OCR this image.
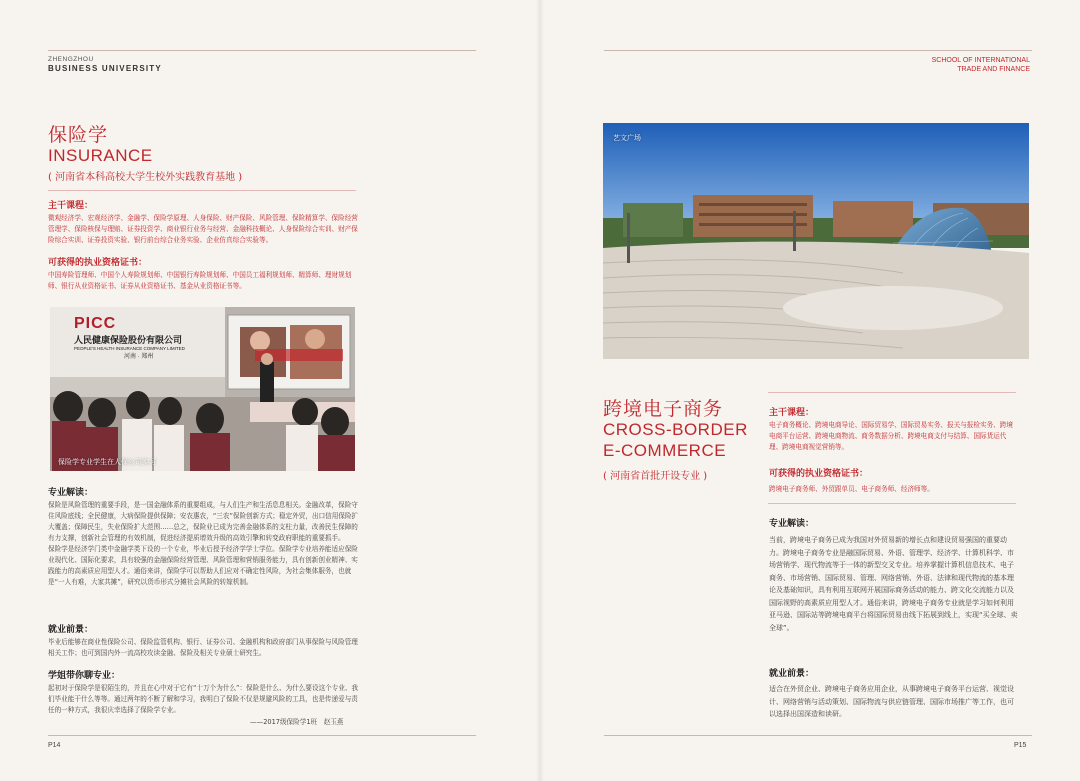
ZHENGZHOU
BUSINESS UNIVERSITY
保险学
INSURANCE
( 河南省本科高校大学生校外实践教育基地 )
主干课程：
微观经济学、宏观经济学、金融学、保险学原理、人身保险、财产保险、风险管理、保险精算学、保险经营管理学、保险核保与理赔、证券投资学、商业银行业务与经营、金融科技概论、人身保险综合实训、财产保险综合实训、证券投资实验、银行前台综合业务实验、企业仿真综合实验等。
可获得的执业资格证书：
中国寿险管理师、中国个人寿险规划师、中国银行寿险规划师、中国员工福利规划师、精算师、理财规划师、银行从业资格证书、证券从业资格证书、基金从业资格证书等。
PICC
人民健康保险股份有限公司
PEOPLE'S HEALTH INSURANCE COMPANY LIMITED
河南 · 郑州
保险学专业学生在人保公司实习
专业解读：

保险是风险管理的重要手段，是一国金融体系的重要组成，与人们生产和生活息息相关。金融改革，保险守住风险底线；全民健康，大病保险提供保障；安农惠农，“三农”保险创新方式；稳定外贸，出口信用保险扩大覆盖；保障民生，失业保险扩大范围……总之，保险业已成为完善金融体系的支柱力量，改善民生保障的有力支撑，创新社会管理的有效机制，促进经济提质增效升级的高效引擎和转变政府职能的重要抓手。

保险学是经济学门类中金融学类下设的一个专业，毕业后授予经济学学士学位。保险学专业培养能适应保险业现代化、国际化要求，具有较强的金融保险经营管理、风险管理和营销服务能力，具有创新创业精神、实践能力的高素质应用型人才。通俗来讲，保险学可以帮助人们应对不确定性风险，为社会集体服务，也就是“一人有难，大家共摊”，研究以货币形式分摊社会风险的转嫁机制。

就业前景：
毕业后能够在商业性保险公司、保险监管机构、银行、证券公司、金融机构和政府部门从事保险与风险管理相关工作；也可到国内外一流高校攻读金融、保险及相关专业硕士研究生。
学姐带你聊专业：
起初对于保险学是很陌生的，并且在心中对于它有“十万个为什么”：保险是什么、为什么要设这个专业、我们毕业能干什么等等。通过两年的不断了解和学习，我明白了保险不仅是规避风险的工具，也是传递爱与责任的一种方式，我很庆幸选择了保险学专业。
——2017级保险学1班　赵玉燕
P14
SCHOOL OF INTERNATIONAL
TRADE AND FINANCE
艺文广场
跨境电子商务
CROSS-BORDER
E-COMMERCE
( 河南省首批开设专业 )
主干课程：
电子商务概论、跨境电商导论、国际贸易学、国际贸易实务、报关与报检实务、跨境电商平台运营、跨境电商物流、商务数据分析、跨境电商支付与结算、国际货运代理、跨境电商视觉营销等。
可获得的执业资格证书：
跨境电子商务师、外贸跟单员、电子商务师、经济师等。
专业解读：
当前，跨境电子商务已成为我国对外贸易新的增长点和建设贸易强国的重要动力。跨境电子商务专业是融国际贸易、外语、管理学、经济学、计算机科学、市场营销学、现代物流等于一体的新型交叉专业。培养掌握计算机信息技术、电子商务、市场营销、国际贸易、管理、网络营销、外语、法律和现代物流的基本理论及基础知识，具有利用互联网开展国际商务活动的能力、跨文化交流能力以及国际视野的高素质应用型人才。通俗来讲，跨境电子商务专业就是学习如何利用亚马逊、国际站等跨境电商平台将国际贸易由线下拓展到线上，实现“买全球、卖全球”。
就业前景：
适合在外贸企业、跨境电子商务应用企业，从事跨境电子商务平台运营、视觉设计、网络营销与活动策划、国际物流与供应链管理、国际市场推广等工作，也可以选择出国深造和读研。
P15
